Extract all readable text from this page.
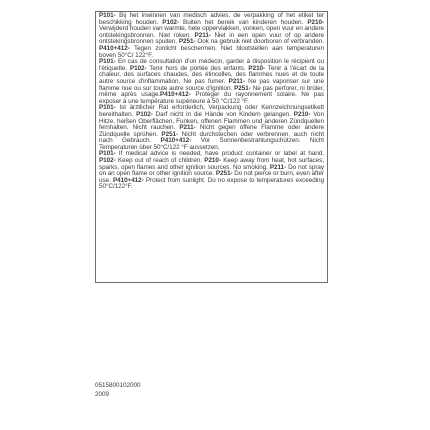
P101- Bij het inwinnen van medisch advies, de verpakking of het etiket ter beschikking houden. P102- Buiten het bereik van kinderen houden. P210- Verwijderd houden van warmte, hete oppervlakken, vonken, open vuur en andere ontstekingsbronnen. Niet roken. P211- Niet in een open vuur of op andere ontstekingsbronnen spuiten. P251- Ook na gebruik niet doorboren of verbranden. P410+412- Tegen zonlicht beschermen. Niet blootstellen aan temperaturen boven 50°C/ 122°F.

P101- En cas de consultation d'un médecin, garder à disposition le récipient ou l'étiquette. P102- Tenir hors de portée des enfants. P210- Tenir à l'écart de la chaleur, des surfaces chaudes, des étincelles, des flammes nues et de toute autre source d'inflammation. Ne pas fumer. P211- Ne pas vaporiser sur une flamme nue ou sur toute autre source d'ignition. P251- Ne pas perforer, ni brûler, même après usage.P410+412- Protéger du rayonnement solaire. Ne pas exposer à une température supérieure à 50 °C/122 °F.

P101- Ist ärztlicher Rat erforderlich, Verpackung oder Kennzeichnungsetikett bereithalten. P102- Darf nicht in die Hände von Kindern gelangen. P210- Von Hitze, heißen Oberflächen, Funken, offenen Flammen und anderen Zündquellen fernhalten. Nicht rauchen. P211- Nicht gegen offene Flamme oder andere Zündquelle sprühen. P251- Nicht durchstechen oder verbrennen, auch nicht nach Gebrauch. P410+412- Vor Sonnenbestrahlungschützen. Nicht Temperaturen über 50°C/122 °F aussetzen.

P101- If medical advice is needed, have product container or label at hand. P102- Keep out of reach of children. P210- Keep away from heat, hot surfaces, sparks, open flames and other ignition sources. No smoking. P211- Do not spray on an open flame or other ignition source. P251- Do not pierce or burn, even after use. P410+412- Protect from sunlight. Do no expose to temperatures exceeding 50°C/122°F.

0515800102000
2009
